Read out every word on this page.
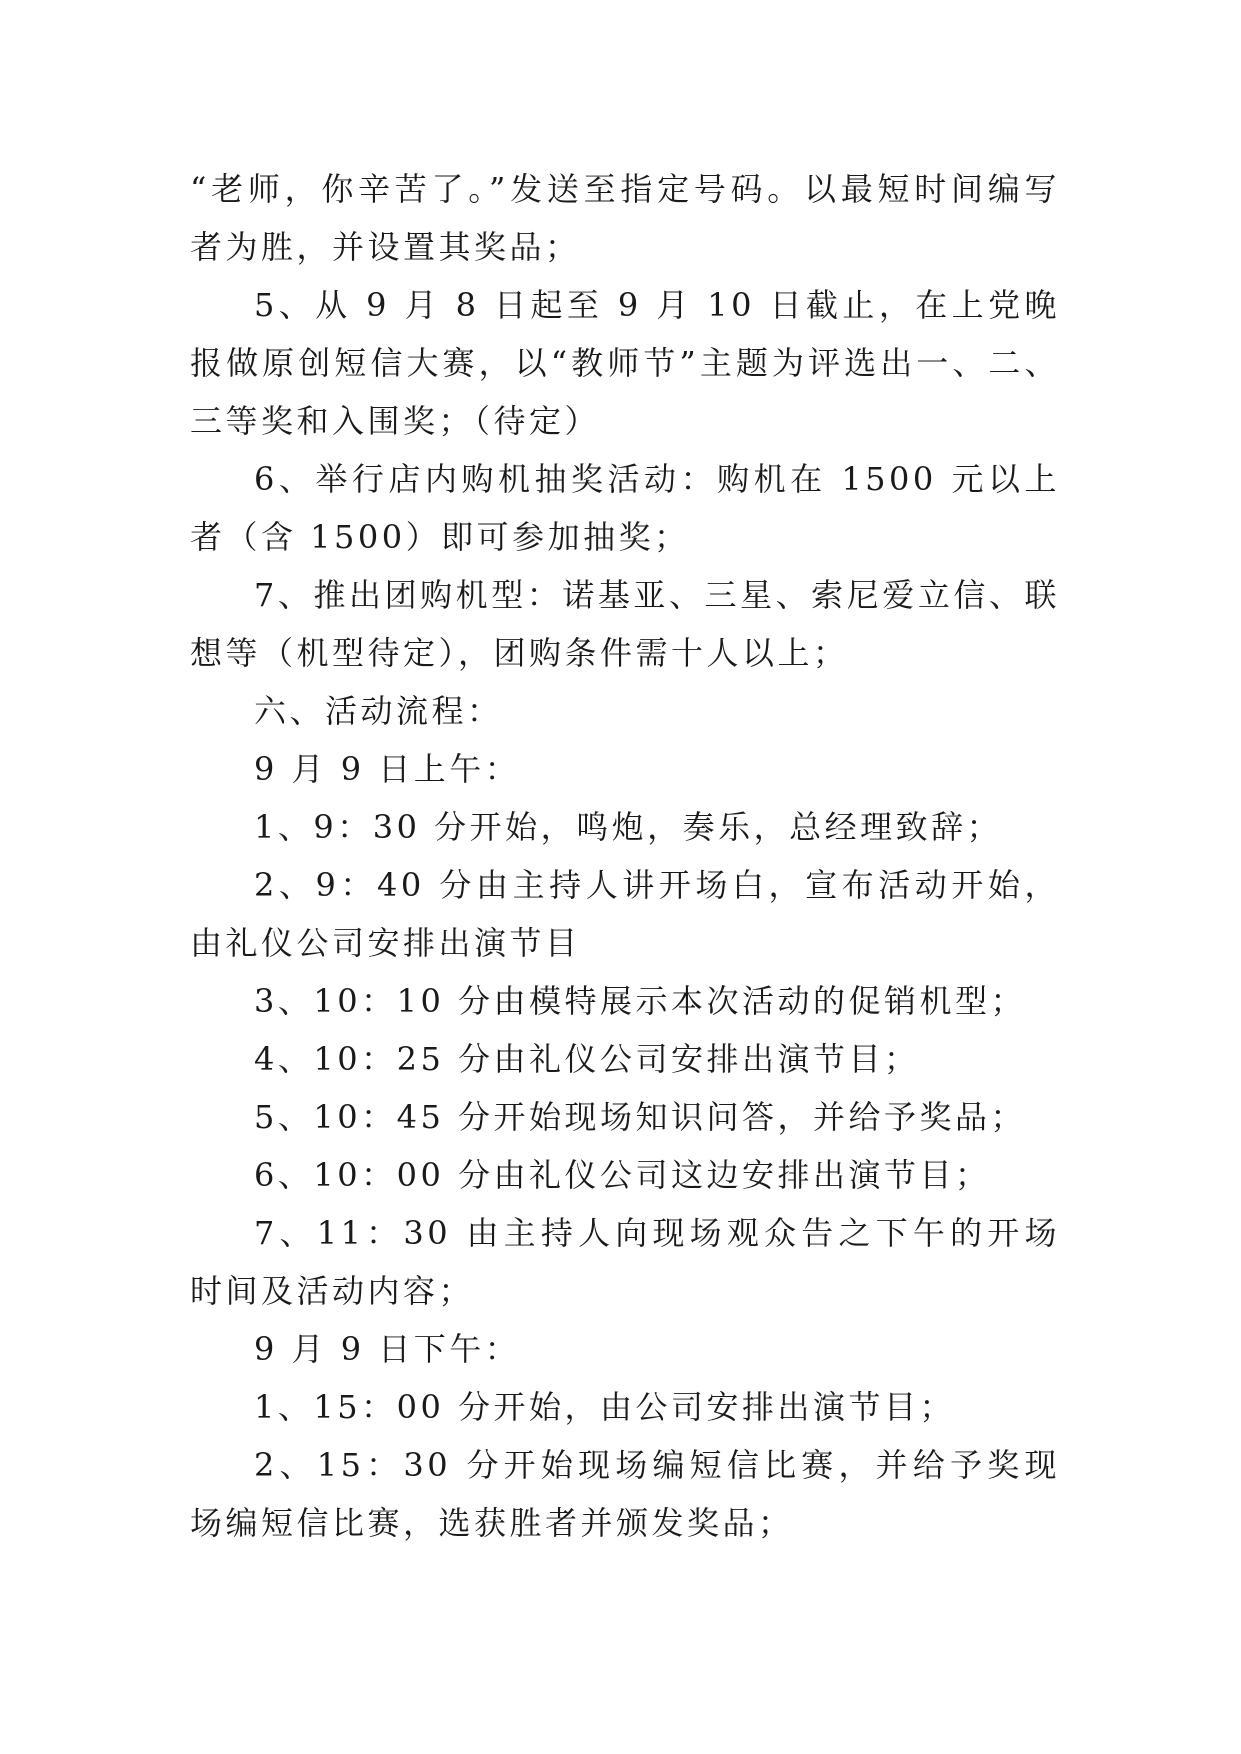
“老师，你辛苦了。”发送至指定号码。以最短时间编写者为胜，并设置其奖品；

5、从 9 月 8 日起至 9 月 10 日截止，在上党晚报做原创短信大赛，以“教师节”主题为评选出一、二、三等奖和入围奖；（待定）

6、举行店内购机抽奖活动：购机在 1500 元以上者（含 1500）即可参加抽奖；

7、推出团购机型：诺基亚、三星、索尼爱立信、联想等（机型待定），团购条件需十人以上；

六、活动流程：

9 月 9 日上午：

1、9：30 分开始，鸣炮，奏乐，总经理致辞；

2、9：40 分由主持人讲开场白，宣布活动开始，由礼仪公司安排出演节目

3、10：10 分由模特展示本次活动的促销机型；

4、10：25 分由礼仪公司安排出演节目；

5、10：45 分开始现场知识问答，并给予奖品；

6、10：00 分由礼仪公司这边安排出演节目；

7、11：30 由主持人向现场观众告之下午的开场时间及活动内容；

9 月 9 日下午：

1、15：00 分开始，由公司安排出演节目；

2、15：30 分开始现场编短信比赛，并给予奖现场编短信比赛，选获胜者并颁发奖品；
